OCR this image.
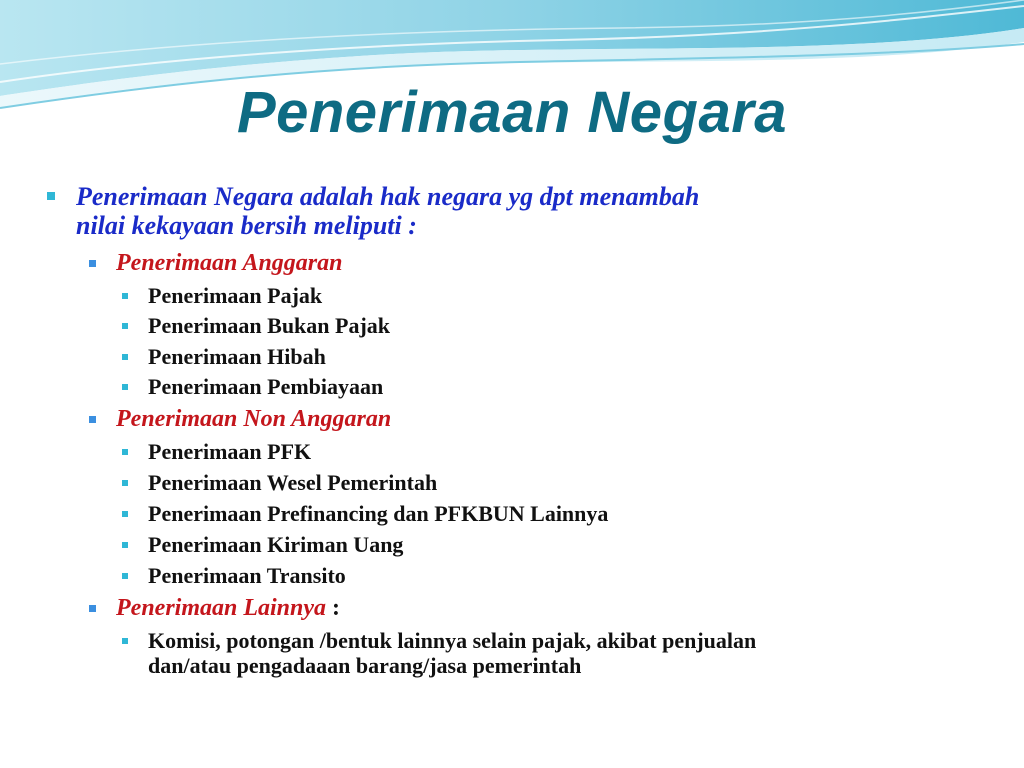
Penerimaan Negara
Penerimaan Negara adalah hak negara yg dpt menambah
nilai kekayaan bersih meliputi :
Penerimaan Anggaran
Penerimaan Pajak
Penerimaan Bukan Pajak
Penerimaan Hibah
Penerimaan Pembiayaan
Penerimaan Non Anggaran
Penerimaan PFK
Penerimaan Wesel Pemerintah
Penerimaan Prefinancing dan PFKBUN Lainnya
Penerimaan Kiriman Uang
Penerimaan Transito
Penerimaan Lainnya :
Komisi, potongan /bentuk lainnya selain pajak, akibat penjualan
dan/atau pengadaaan barang/jasa pemerintah
